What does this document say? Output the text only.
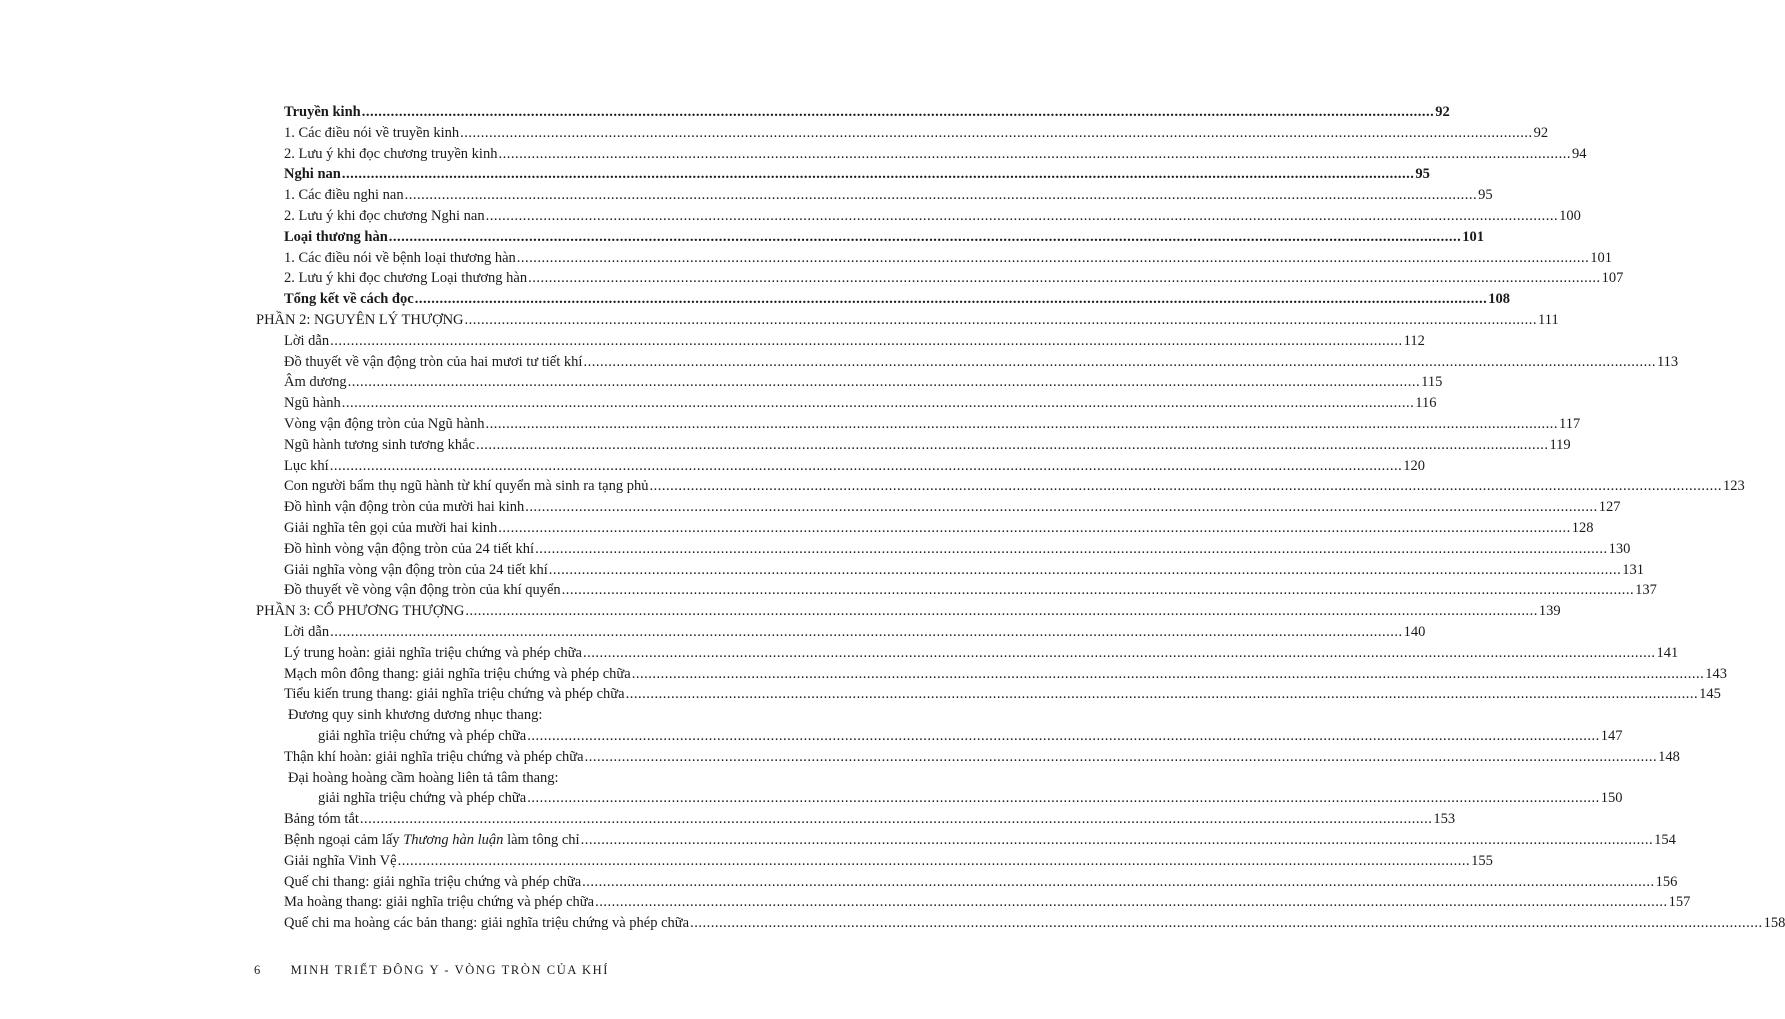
Truyền kinh .................................................................................................................................................................................................................................................................... 92
1. Các điều nói về truyền kinh .................................................................................................................................................................................................................................................................... 92
2. Lưu ý khi đọc chương truyền kinh .................................................................................................................................................................................................................................................................... 94
Nghi nan .................................................................................................................................................................................................................................................................... 95
1. Các điều nghi nan .................................................................................................................................................................................................................................................................... 95
2. Lưu ý khi đọc chương Nghi nan .................................................................................................................................................................................................................................................................... 100
Loại thương hàn .................................................................................................................................................................................................................................................................... 101
1. Các điều nói về bệnh loại thương hàn .................................................................................................................................................................................................................................................................... 101
2. Lưu ý khi đọc chương Loại thương hàn .................................................................................................................................................................................................................................................................... 107
Tổng kết về cách đọc .................................................................................................................................................................................................................................................................... 108
PHẦN 2: NGUYÊN LÝ THƯỢNG .................................................................................................................................................................................................................................................................... 111
Lời dẫn .................................................................................................................................................................................................................................................................... 112
Đồ thuyết về vận động tròn của hai mươi tư tiết khí .................................................................................................................................................................................................................................................................... 113
Âm dương .................................................................................................................................................................................................................................................................... 115
Ngũ hành .................................................................................................................................................................................................................................................................... 116
Vòng vận động tròn của Ngũ hành .................................................................................................................................................................................................................................................................... 117
Ngũ hành tương sinh tương khắc .................................................................................................................................................................................................................................................................... 119
Lục khí .................................................................................................................................................................................................................................................................... 120
Con người bẩm thụ ngũ hành từ khí quyển mà sinh ra tạng phủ .................................................................................................................................................................................................................................................................... 123
Đồ hình vận động tròn của mười hai kinh .................................................................................................................................................................................................................................................................... 127
Giải nghĩa tên gọi của mười hai kinh .................................................................................................................................................................................................................................................................... 128
Đồ hình vòng vận động tròn của 24 tiết khí .................................................................................................................................................................................................................................................................... 130
Giải nghĩa vòng vận động tròn của 24 tiết khí .................................................................................................................................................................................................................................................................... 131
Đồ thuyết về vòng vận động tròn của khí quyển .................................................................................................................................................................................................................................................................... 137
PHẦN 3: CỔ PHƯƠNG THƯỢNG .................................................................................................................................................................................................................................................................... 139
Lời dẫn .................................................................................................................................................................................................................................................................... 140
Lý trung hoàn: giải nghĩa triệu chứng và phép chữa .................................................................................................................................................................................................................................................................... 141
Mạch môn đông thang: giải nghĩa triệu chứng và phép chữa .................................................................................................................................................................................................................................................................... 143
Tiểu kiến trung thang: giải nghĩa triệu chứng và phép chữa .................................................................................................................................................................................................................................................................... 145
Đương quy sinh khương dương nhục thang:
giải nghĩa triệu chứng và phép chữa .................................................................................................................................................................................................................................................................... 147
Thận khí hoàn: giải nghĩa triệu chứng và phép chữa .................................................................................................................................................................................................................................................................... 148
Đại hoàng hoàng cầm hoàng liên tả tâm thang:
giải nghĩa triệu chứng và phép chữa .................................................................................................................................................................................................................................................................... 150
Bảng tóm tắt .................................................................................................................................................................................................................................................................... 153
Bệnh ngoại cảm lấy Thương hàn luận làm tông chỉ .................................................................................................................................................................................................................................................................... 154
Giải nghĩa Vinh Vệ .................................................................................................................................................................................................................................................................... 155
Quế chi thang: giải nghĩa triệu chứng và phép chữa .................................................................................................................................................................................................................................................................... 156
Ma hoàng thang: giải nghĩa triệu chứng và phép chữa .................................................................................................................................................................................................................................................................... 157
Quế chi ma hoàng các bản thang: giải nghĩa triệu chứng và phép chữa .................................................................................................................................................................................................................................................................... 158
6 MINH TRIẾT ĐÔNG Y - VÒNG TRÒN CỦA KHÍ
